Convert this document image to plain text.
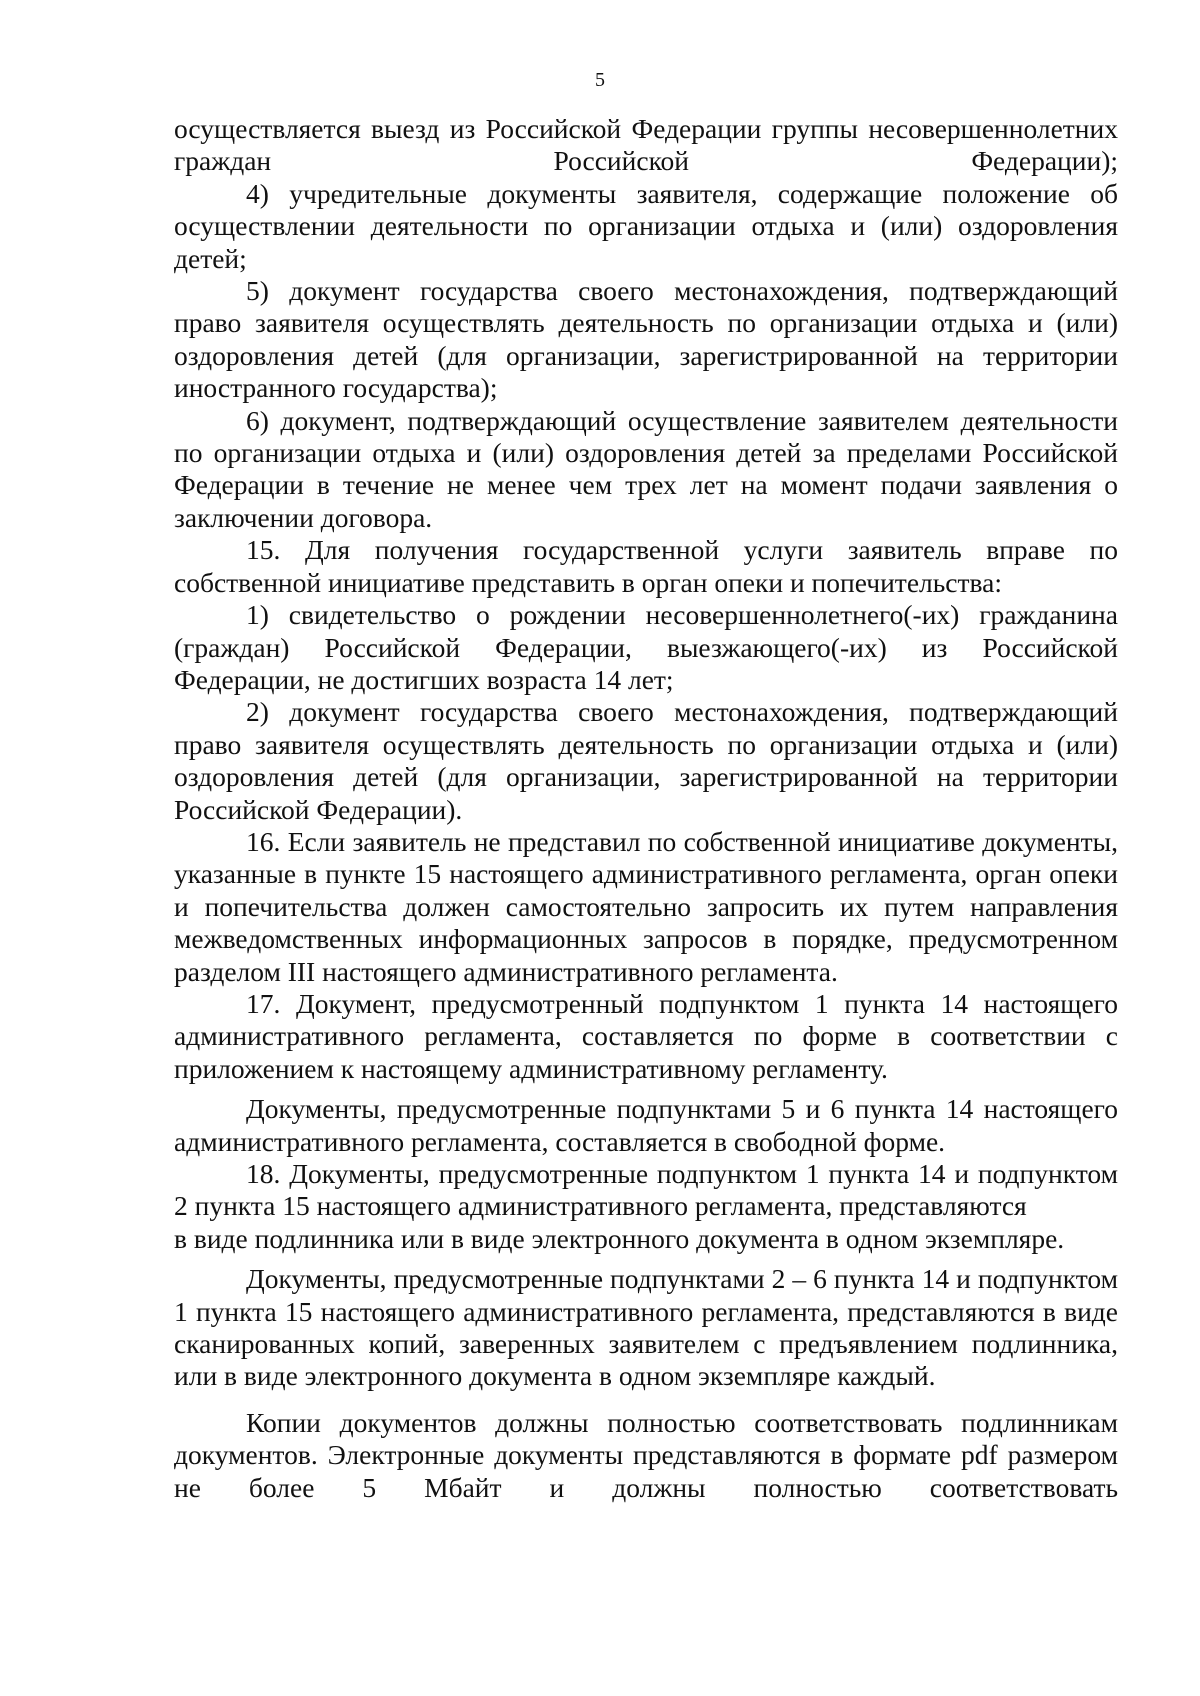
5

осуществляется выезд из Российской Федерации группы несовершеннолетних граждан Российской Федерации);

4) учредительные документы заявителя, содержащие положение об осуществлении деятельности по организации отдыха и (или) оздоровления детей;

5) документ государства своего местонахождения, подтверждающий право заявителя осуществлять деятельность по организации отдыха и (или) оздоровления детей (для организации, зарегистрированной на территории иностранного государства);

6) документ, подтверждающий осуществление заявителем деятельности по организации отдыха и (или) оздоровления детей за пределами Российской Федерации в течение не менее чем трех лет на момент подачи заявления о заключении договора.

15. Для получения государственной услуги заявитель вправе по собственной инициативе представить в орган опеки и попечительства:

1) свидетельство о рождении несовершеннолетнего(-их) гражданина (граждан) Российской Федерации, выезжающего(-их) из Российской Федерации, не достигших возраста 14 лет;

2) документ государства своего местонахождения, подтверждающий право заявителя осуществлять деятельность по организации отдыха и (или) оздоровления детей (для организации, зарегистрированной на территории Российской Федерации).

16. Если заявитель не представил по собственной инициативе документы, указанные в пункте 15 настоящего административного регламента, орган опеки и попечительства должен самостоятельно запросить их путем направления межведомственных информационных запросов в порядке, предусмотренном разделом III настоящего административного регламента.

17. Документ, предусмотренный подпунктом 1 пункта 14 настоящего административного регламента, составляется по форме в соответствии с приложением к настоящему административному регламенту.

Документы, предусмотренные подпунктами 5 и 6 пункта 14 настоящего административного регламента, составляется в свободной форме.

18. Документы, предусмотренные подпунктом 1 пункта 14 и подпунктом 2 пункта 15 настоящего административного регламента, представляются

в виде подлинника или в виде электронного документа в одном экземпляре.

Документы, предусмотренные подпунктами 2 – 6 пункта 14 и подпунктом 1 пункта 15 настоящего административного регламента, представляются в виде сканированных копий, заверенных заявителем с предъявлением подлинника, или в виде электронного документа в одном экземпляре каждый.

Копии документов должны полностью соответствовать подлинникам документов. Электронные документы представляются в формате pdf размером не более 5 Мбайт и должны полностью соответствовать
